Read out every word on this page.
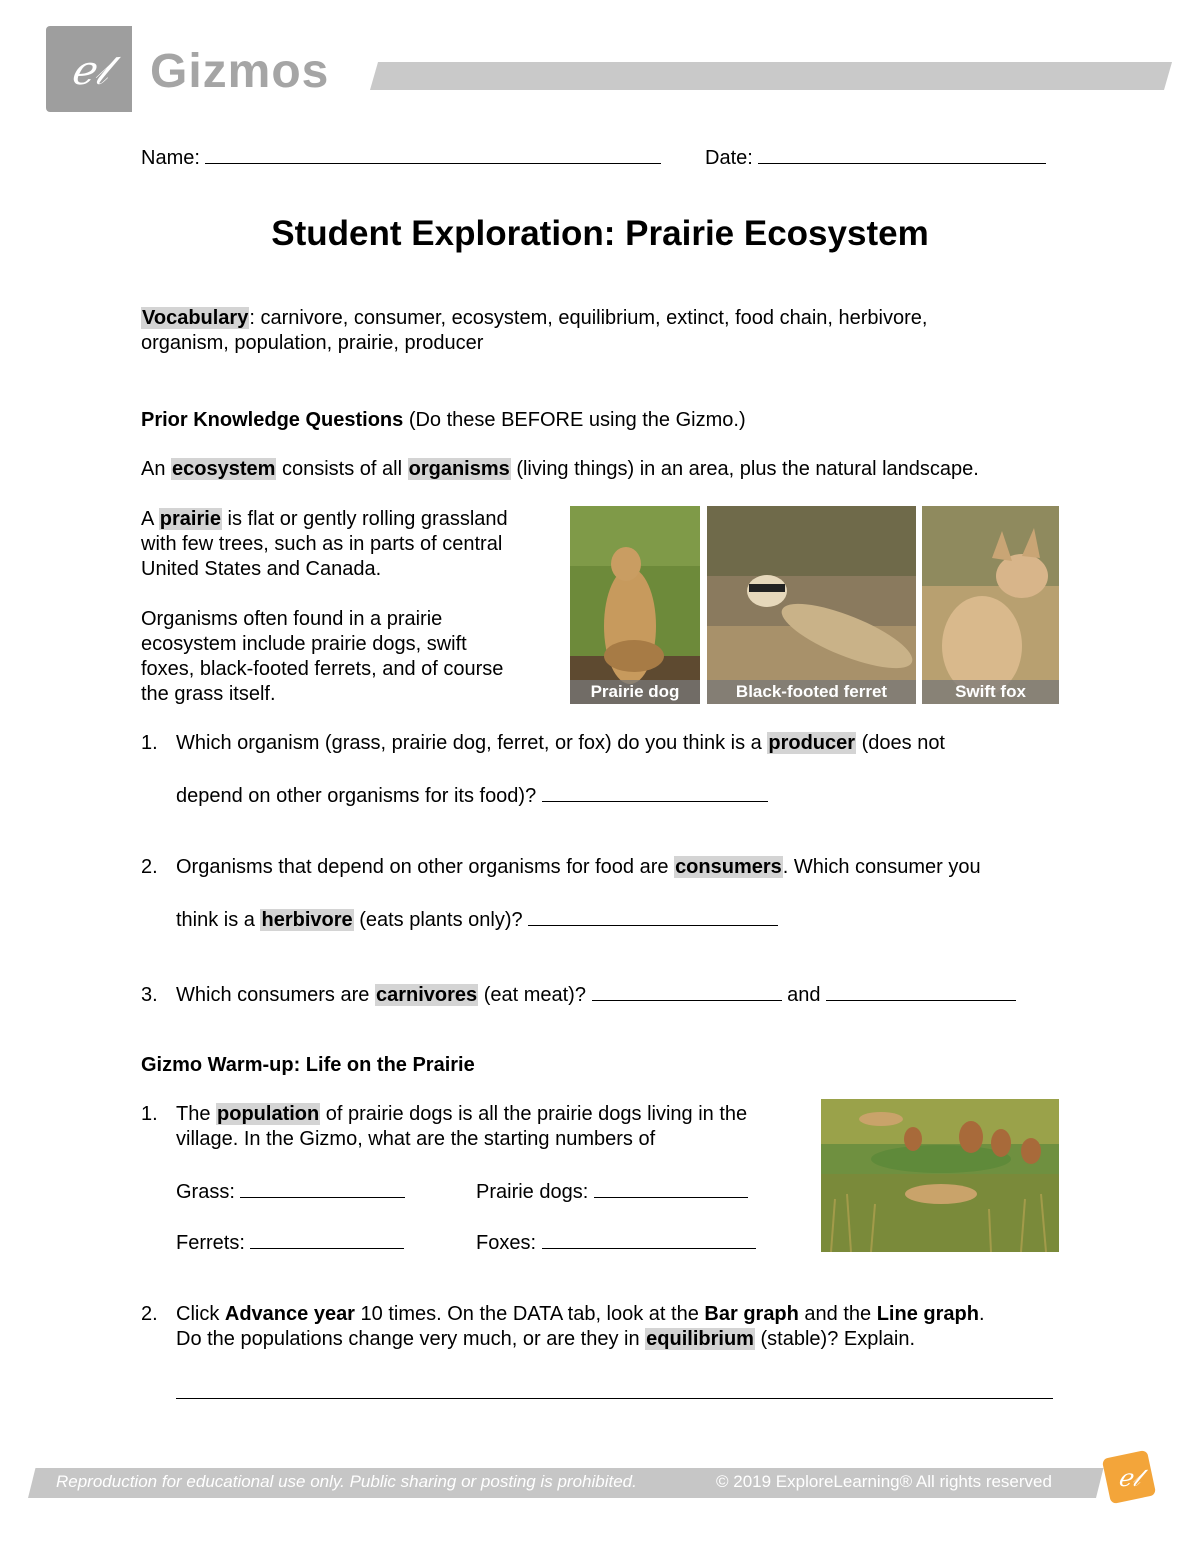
ℯ𝓁 Gizmos
Name:	Date:
Student Exploration: Prairie Ecosystem
Vocabulary: carnivore, consumer, ecosystem, equilibrium, extinct, food chain, herbivore,
organism, population, prairie, producer
Prior Knowledge Questions (Do these BEFORE using the Gizmo.)
An ecosystem consists of all organisms (living things) in an area, plus the natural landscape.
A prairie is flat or gently rolling grassland
with few trees, such as in parts of central
United States and Canada.
Organisms often found in a prairie
ecosystem include prairie dogs, swift
foxes, black-footed ferrets, and of course
the grass itself.	Prairie dog	Black-footed ferret	Swift fox
1. Which organism (grass, prairie dog, ferret, or fox) do you think is a producer (does not
depend on other organisms for its food)?
2. Organisms that depend on other organisms for food are consumers. Which consumer you
think is a herbivore (eats plants only)?
3. Which consumers are carnivores (eat meat)?	and
Gizmo Warm-up: Life on the Prairie
1. The population of prairie dogs is all the prairie dogs living in the
village. In the Gizmo, what are the starting numbers of
Grass:	Prairie dogs:
Ferrets:	Foxes:
2. Click Advance year 10 times. On the DATA tab, look at the Bar graph and the Line graph.
Do the populations change very much, or are they in equilibrium (stable)? Explain.
Reproduction for educational use only. Public sharing or posting is prohibited.	© 2019 ExploreLearning® All rights reserved	ℯ𝓁
